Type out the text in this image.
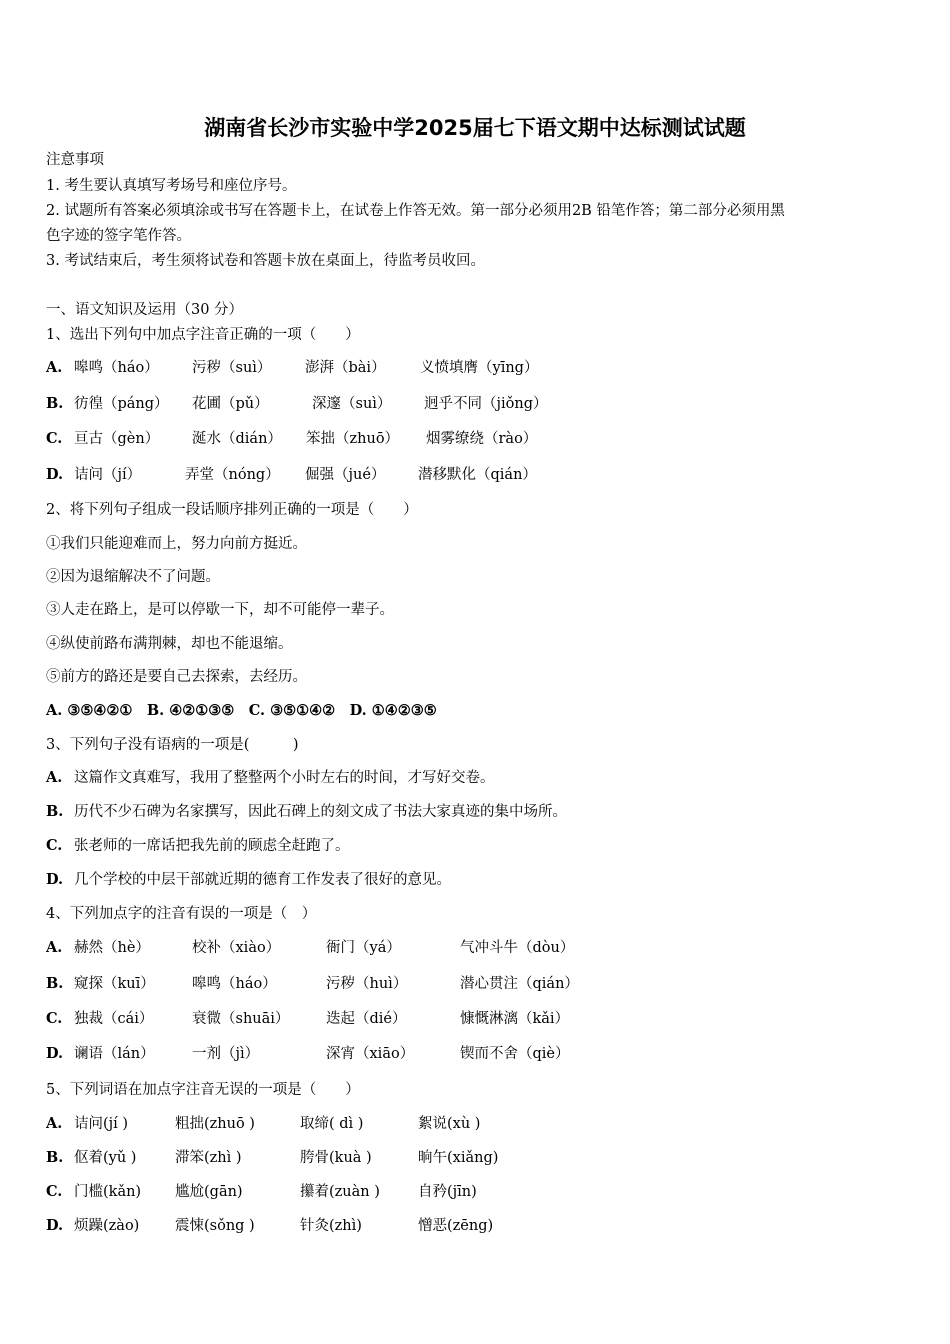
湖南省长沙市实验中学2025届七下语文期中达标测试试题
注意事项
1. 考生要认真填写考场号和座位序号。
2. 试题所有答案必须填涂或书写在答题卡上，在试卷上作答无效。第一部分必须用2B 铅笔作答；第二部分必须用黑
色字迹的签字笔作答。
3. 考试结束后，考生须将试卷和答题卡放在桌面上，待监考员收回。
一、语文知识及运用（30 分）
1、选出下列句中加点字注音正确的一项（　　）
A. 嗥鸣（háo） 污秽（suì） 澎湃（bài） 义愤填膺（yīng）
B. 彷徨（páng） 花圃（pǔ）	深邃（suì） 迥乎不同（jiǒng）
C. 亘古（gèn） 涎水（dián） 笨拙（zhuō） 烟雾缭绕（rào）
D. 诘问（jí）	弄堂（nóng） 倔强（jué） 潜移默化（qián）
2、将下列句子组成一段话顺序排列正确的一项是（　　）
①我们只能迎难而上，努力向前方挺近。
②因为退缩解决不了问题。
③人走在路上，是可以停歇一下，却不可能停一辈子。
④纵使前路布满荆棘，却也不能退缩。
⑤前方的路还是要自己去探索，去经历。
A. ③⑤④②①　B. ④②①③⑤　C. ③⑤①④②　D. ①④②③⑤
3、下列句子没有语病的一项是(　　　)
A. 这篇作文真难写，我用了整整两个小时左右的时间，才写好交卷。
B. 历代不少石碑为名家撰写，因此石碑上的刻文成了书法大家真迹的集中场所。
C. 张老师的一席话把我先前的顾虑全赶跑了。
D. 几个学校的中层干部就近期的德育工作发表了很好的意见。
4、下列加点字的注音有误的一项是（　）
A. 赫然（hè）	校补（xiào）	衙门（yá）	气冲斗牛（dòu）
B. 窥探（kuī）	嗥鸣（háo）	污秽（huì）	潜心贯注（qián）
C. 独裁（cái）	衰微（shuāi）	迭起（dié）	慷慨淋漓（kǎi）
D. 谰语（lán）	一剂（jì）	深宵（xiāo）	锲而不舍（qiè）
5、下列词语在加点字注音无误的一项是（　　）
A. 诘问(jí )	粗拙(zhuō )	取缔( dì )	絮说(xù )
B. 伛着(yǔ )	滞笨(zhì )	胯骨(kuà )	晌午(xiǎng)
C. 门槛(kǎn) 尴尬(gān)	攥着(zuàn )	自矜(jīn)
D. 烦躁(zào) 震悚(sǒng )	针灸(zhì)	憎恶(zēng)
